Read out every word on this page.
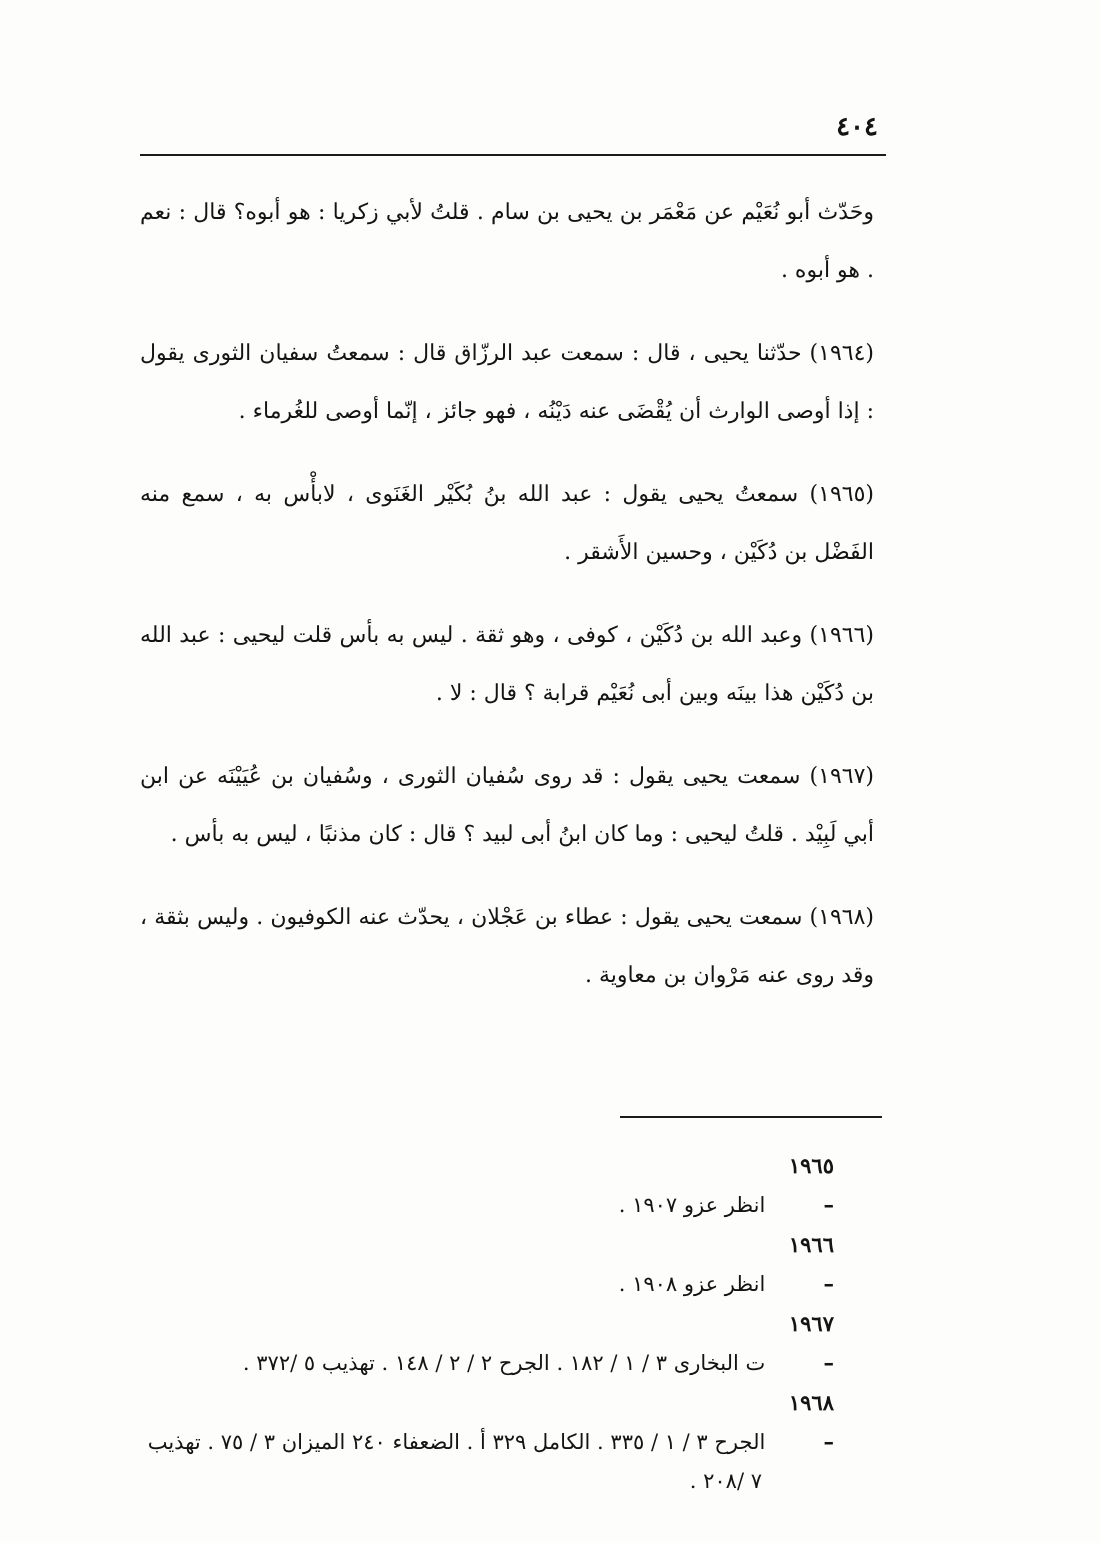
٤٠٤

وحَدّث أبو نُعَيْم عن مَعْمَر بن يحيى بن سام . قلتُ لأبي زكريا : هو أبوه؟ قال : نعم . هو أبوه .

(١٩٦٤) حدّثنا يحيى ، قال : سمعت عبد الرزّاق قال : سمعتُ سفيان الثورى يقول : إذا أوصى الوارث أن يُقْضَى عنه دَيْنُه ، فهو جائز ، إنّما أوصى للغُرماء .

(١٩٦٥) سمعتُ يحيى يقول : عبد الله بنُ بُكَيْر الغَنَوى ، لابأْس به ، سمع منه الفَضْل بن دُكَيْن ، وحسين الأَشقر .

(١٩٦٦) وعبد الله بن دُكَيْن ، كوفى ، وهو ثقة . ليس به بأس قلت ليحيى : عبد الله بن دُكَيْن هذا بينَه وبين أبى نُعَيْم قرابة ؟ قال : لا .

(١٩٦٧) سمعت يحيى يقول : قد روى سُفيان الثورى ، وسُفيان بن عُيَيْنَه عن ابن أبي لَبِيْد . قلتُ ليحيى : وما كان ابنُ أبى لبيد ؟ قال : كان مذنبًا ، ليس به بأس .

(١٩٦٨) سمعت يحيى يقول : عطاء بن عَجْلان ، يحدّث عنه الكوفيون . وليس بثقة ، وقد روى عنه مَرْوان بن معاوية .

١٩٦٥ – انظر عزو ١٩٠٧ .

١٩٦٦ – انظر عزو ١٩٠٨ .

١٩٦٧ – ت البخارى ٣ / ١ / ١٨٢ . الجرح ٢ / ٢ / ١٤٨ . تهذيب ٥ /٣٧٢ .

١٩٦٨ – الجرح ٣ / ١ / ٣٣٥ . الكامل ٣٢٩ أ . الضعفاء ٢٤٠ الميزان ٣ / ٧٥ . تهذيب ٧ /٢٠٨ .
